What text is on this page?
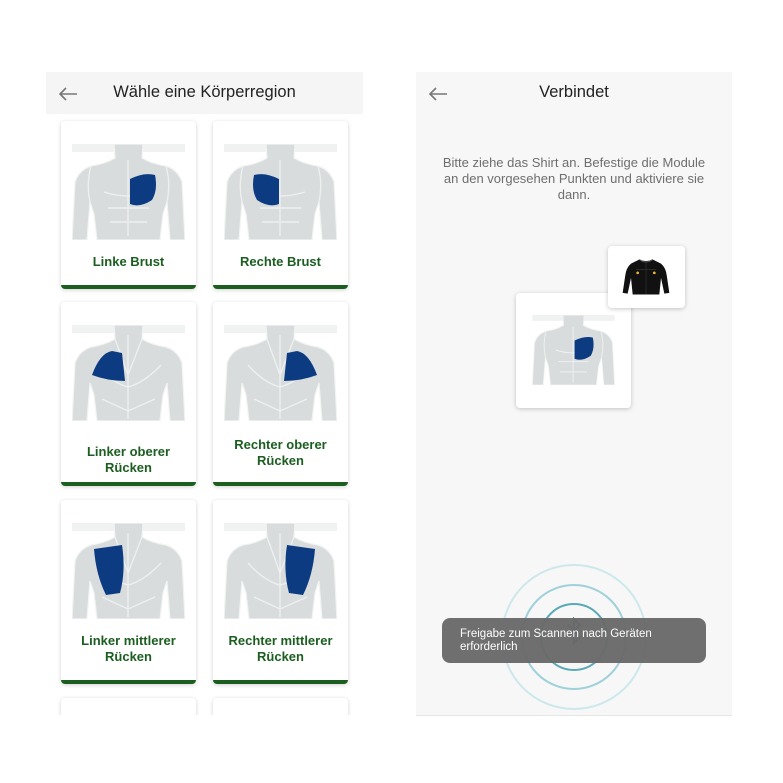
Wähle eine Körperregion
Linke Brust	Rechte Brust
Linker oberer Rücken
Rechter oberer Rücken
Linker mittlerer Rücken
Rechter mittlerer Rücken
Verbindet
Bitte ziehe das Shirt an. Befestige die Module an den vorgesehen Punkten und aktiviere sie dann.
Freigabe zum Scannen nach Geräten erforderlich
